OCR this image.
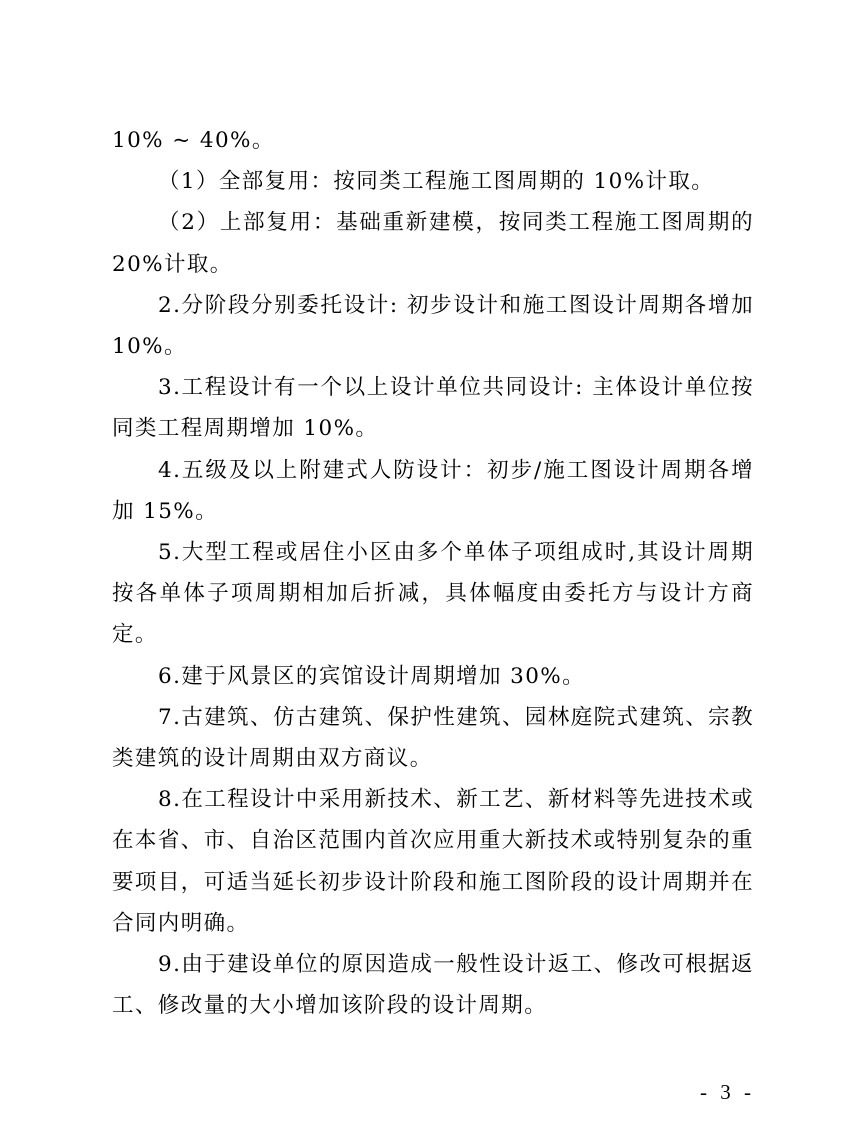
10% ~ 40%。

（1）全部复用：按同类工程施工图周期的 10%计取。

（2）上部复用：基础重新建模，按同类工程施工图周期的 20%计取。

2.分阶段分别委托设计: 初步设计和施工图设计周期各增加 10%。

3.工程设计有一个以上设计单位共同设计: 主体设计单位按同类工程周期增加 10%。

4.五级及以上附建式人防设计：初步/施工图设计周期各增加 15%。

5.大型工程或居住小区由多个单体子项组成时,其设计周期按各单体子项周期相加后折减，具体幅度由委托方与设计方商定。

6.建于风景区的宾馆设计周期增加 30%。

7.古建筑、仿古建筑、保护性建筑、园林庭院式建筑、宗教类建筑的设计周期由双方商议。

8.在工程设计中采用新技术、新工艺、新材料等先进技术或在本省、市、自治区范围内首次应用重大新技术或特别复杂的重要项目，可适当延长初步设计阶段和施工图阶段的设计周期并在合同内明确。

9.由于建设单位的原因造成一般性设计返工、修改可根据返工、修改量的大小增加该阶段的设计周期。

- 3 -
